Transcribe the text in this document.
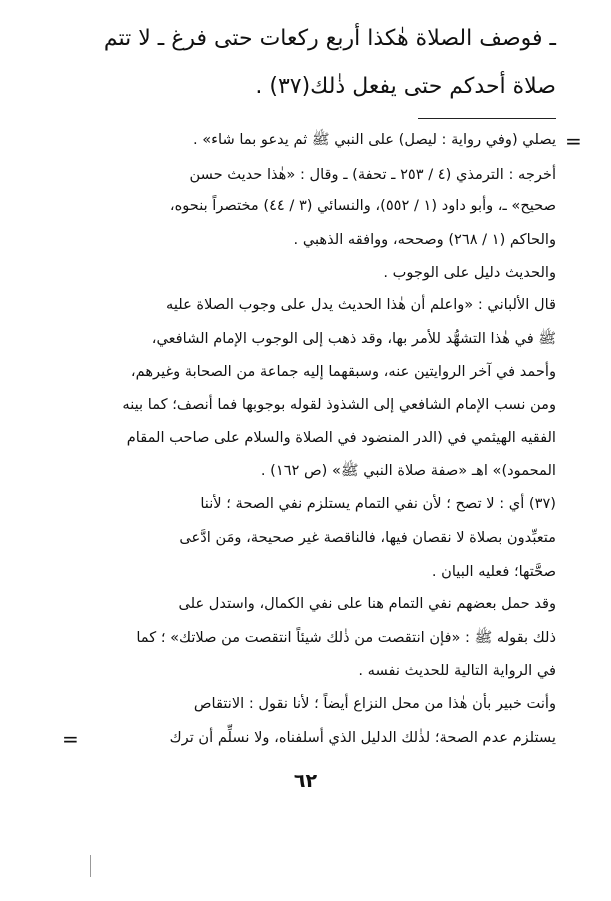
ـ فوصف الصلاة هٰكذا أربع ركعات حتى فرغ ـ لا تتم

صلاة أحدكم حتى يفعل ذٰلك(٣٧) .

=

يصلي (وفي رواية : ليصل) على النبي ﷺ ثم يدعو بما شاء» .

أخرجه : الترمذي (٤ / ٢٥٣ ـ تحفة) ـ وقال : «هٰذا حديث حسن

صحيح» ـ، وأبو داود (١ / ٥٥٢)، والنسائي (٣ / ٤٤) مختصراً بنحوه،

والحاكم (١ / ٢٦٨) وصححه، ووافقه الذهبي .

والحديث دليل على الوجوب .

قال الألباني : «واعلم أن هٰذا الحديث يدل على وجوب الصلاة عليه

ﷺ في هٰذا التشهُّد للأمر بها، وقد ذهب إلى الوجوب الإمام الشافعي،

وأحمد في آخر الروايتين عنه، وسبقهما إليه جماعة من الصحابة وغيرهم،

ومن نسب الإمام الشافعي إلى الشذوذ لقوله بوجوبها فما أنصف؛ كما بينه

الفقيه الهيثمي في (الدر المنضود في الصلاة والسلام على صاحب المقام

المحمود)» اهـ «صفة صلاة النبي ﷺ» (ص ١٦٢) .

(٣٧) أي : لا تصح ؛ لأن نفي التمام يستلزم نفي الصحة ؛ لأننا

متعبِّدون بصلاة لا نقصان فيها، فالناقصة غير صحيحة، ومَن ادَّعى

صحَّتها؛ فعليه البيان .

وقد حمل بعضهم نفي التمام هنا على نفي الكمال، واستدل على

ذلك بقوله ﷺ : «فإن انتقصت من ذٰلك شيئاً انتقصت من صلاتك» ؛ كما

في الرواية التالية للحديث نفسه .

وأنت خبير بأن هٰذا من محل النزاع أيضاً ؛ لأنا نقول : الانتقاص

يستلزم عدم الصحة؛ لذٰلك الدليل الذي أسلفناه، ولا نسلِّم أن ترك

=
٦٢
